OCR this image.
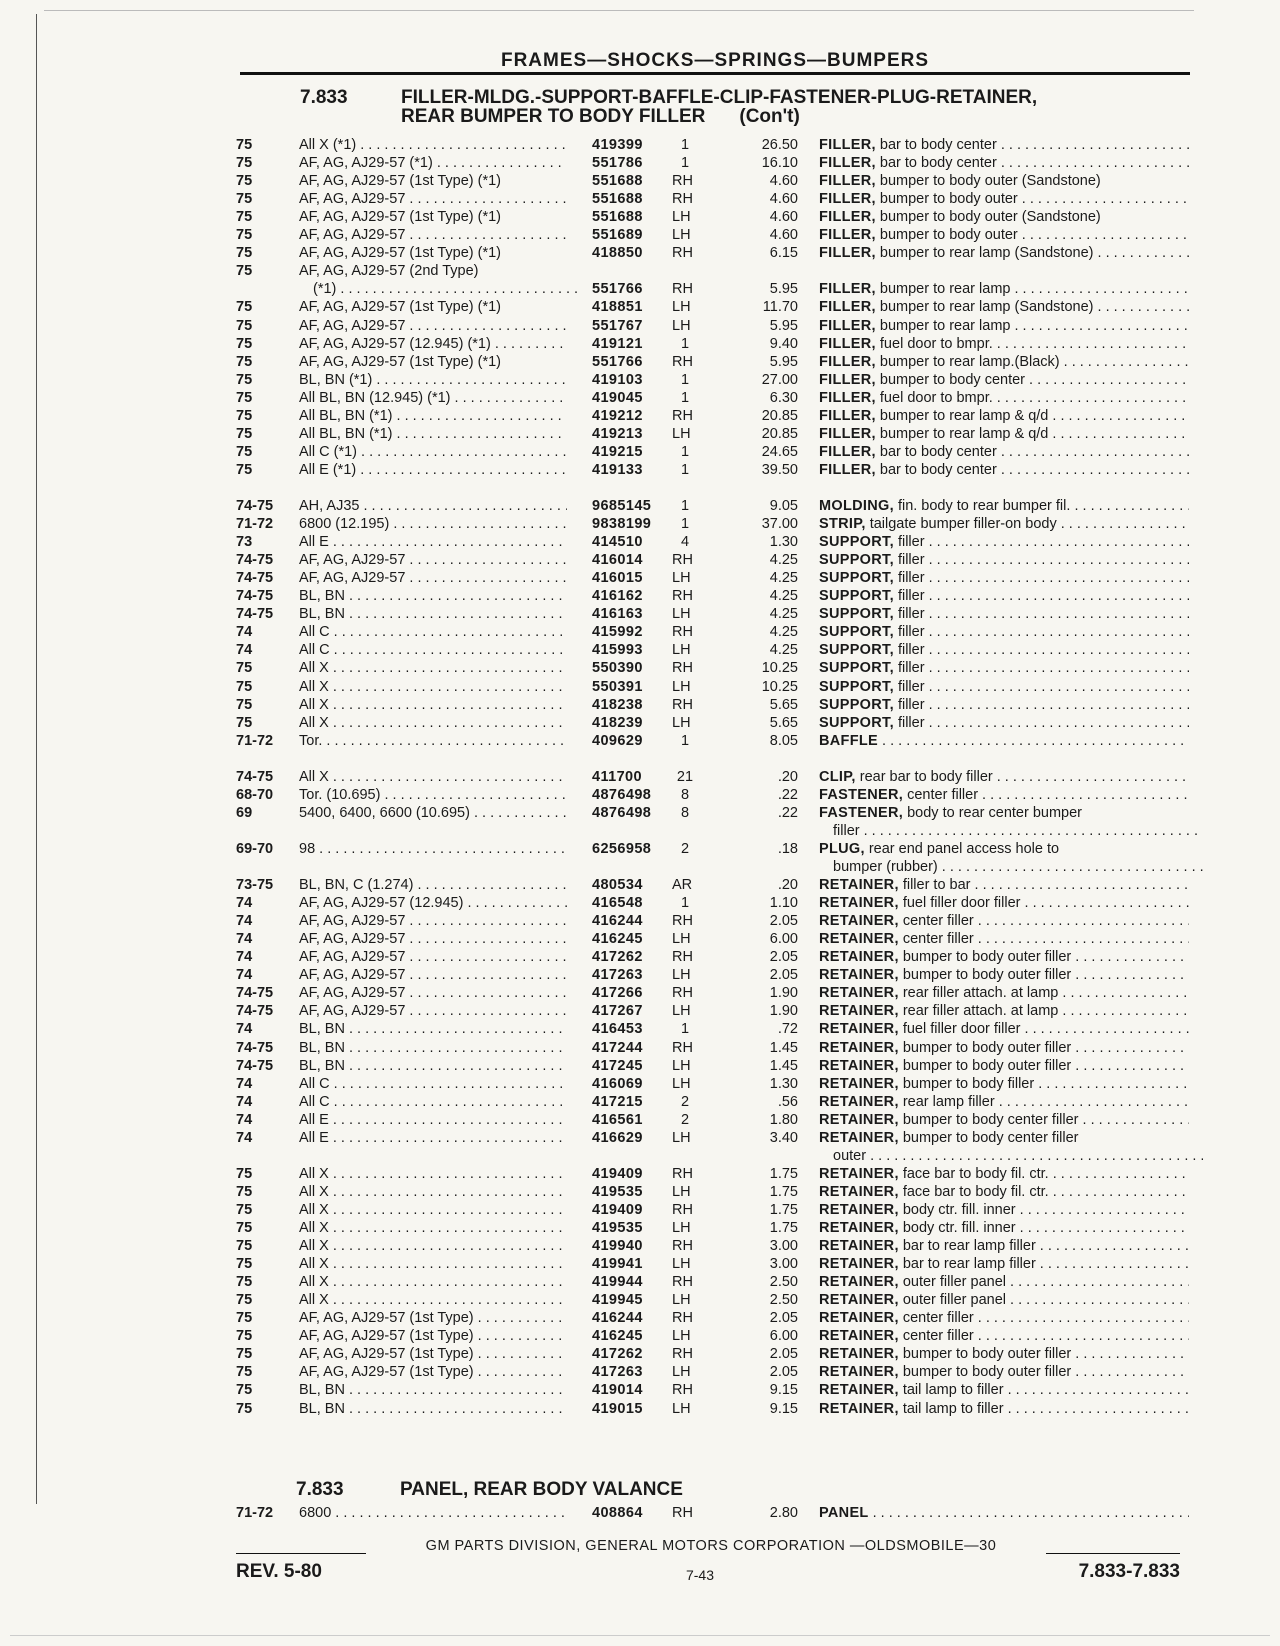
FRAMES—SHOCKS—SPRINGS—BUMPERS
7.833	FILLER-MLDG.-SUPPORT-BAFFLE-CLIP-FASTENER-PLUG-RETAINER,
REAR BUMPER TO BODY FILLER (Con't)
75	All X (*1) . . .	419399	1	26.50 FILLER, bar to body center . . .
75	AF, AG, AJ29-57 (*1) . . .	551786	1	16.10 FILLER, bar to body center . . .
75	AF, AG, AJ29-57 (1st Type) (*1)	551688	RH	4.60 FILLER, bumper to body outer (Sandstone)
75	AF, AG, AJ29-57 . . .	551688	RH	4.60 FILLER, bumper to body outer . . .
75	AF, AG, AJ29-57 (1st Type) (*1)	551688	LH	4.60 FILLER, bumper to body outer (Sandstone)
75	AF, AG, AJ29-57 . . .	551689	LH	4.60 FILLER, bumper to body outer . . .
75	AF, AG, AJ29-57 (1st Type) (*1)	418850	RH	6.15 FILLER, bumper to rear lamp (Sandstone) . . .
75	AF, AG, AJ29-57 (2nd Type)
(*1) . . .	551766	RH	5.95 FILLER, bumper to rear lamp . . .
75	AF, AG, AJ29-57 (1st Type) (*1)	418851	LH	11.70 FILLER, bumper to rear lamp (Sandstone) . . .
75	AF, AG, AJ29-57 . . .	551767	LH	5.95 FILLER, bumper to rear lamp . . .
75	AF, AG, AJ29-57 (12.945) (*1) . . .	419121	1	9.40 FILLER, fuel door to bmpr. . . .
75	AF, AG, AJ29-57 (1st Type) (*1)	551766	RH	5.95 FILLER, bumper to rear lamp.(Black) . . .
75	BL, BN (*1) . . .	419103	1	27.00 FILLER, bumper to body center . . .
75	All BL, BN (12.945) (*1) . . .	419045	1	6.30 FILLER, fuel door to bmpr. . . .
75	All BL, BN (*1) . . .	419212	RH	20.85 FILLER, bumper to rear lamp & q/d . . .
75	All BL, BN (*1) . . .	419213	LH	20.85 FILLER, bumper to rear lamp & q/d . . .
75	All C (*1) . . .	419215	1	24.65 FILLER, bar to body center . . .
75	All E (*1) . . .	419133	1	39.50 FILLER, bar to body center . . .
74-75	AH, AJ35 . . .	9685145	1	9.05 MOLDING, fin. body to rear bumper fil. . . .
71-72	6800 (12.195) . . .	9838199	1	37.00 STRIP, tailgate bumper filler-on body . . .
73	All E . . .	414510	4	1.30 SUPPORT, filler . . .
74-75	AF, AG, AJ29-57 . . .	416014	RH	4.25 SUPPORT, filler . . .
74-75	AF, AG, AJ29-57 . . .	416015	LH	4.25 SUPPORT, filler . . .
74-75	BL, BN . . .	416162	RH	4.25 SUPPORT, filler . . .
74-75	BL, BN . . .	416163	LH	4.25 SUPPORT, filler . . .
74	All C . . .	415992	RH	4.25 SUPPORT, filler . . .
74	All C . . .	415993	LH	4.25 SUPPORT, filler . . .
75	All X . . .	550390	RH	10.25 SUPPORT, filler . . .
75	All X . . .	550391	LH	10.25 SUPPORT, filler . . .
75	All X . . .	418238	RH	5.65 SUPPORT, filler . . .
75	All X . . .	418239	LH	5.65 SUPPORT, filler . . .
71-72	Tor. . . .	409629	1	8.05 BAFFLE . . .
74-75	All X . . .	411700	21	.20 CLIP, rear bar to body filler . . .
68-70	Tor. (10.695) . . .	4876498	8	.22 FASTENER, center filler . . .
69	5400, 6400, 6600 (10.695) . . .	4876498	8	.22 FASTENER, body to rear center bumper
filler . . .
69-70	98 . . .	6256958	2	.18 PLUG, rear end panel access hole to
bumper (rubber) . . .
73-75	BL, BN, C (1.274) . . .	480534	AR	.20 RETAINER, filler to bar . . .
74	AF, AG, AJ29-57 (12.945) . . .	416548	1	1.10 RETAINER, fuel filler door filler . . .
74	AF, AG, AJ29-57 . . .	416244	RH	2.05 RETAINER, center filler . . .
74	AF, AG, AJ29-57 . . .	416245	LH	6.00 RETAINER, center filler . . .
74	AF, AG, AJ29-57 . . .	417262	RH	2.05 RETAINER, bumper to body outer filler . . .
74	AF, AG, AJ29-57 . . .	417263	LH	2.05 RETAINER, bumper to body outer filler . . .
74-75	AF, AG, AJ29-57 . . .	417266	RH	1.90 RETAINER, rear filler attach. at lamp . . .
74-75	AF, AG, AJ29-57 . . .	417267	LH	1.90 RETAINER, rear filler attach. at lamp . . .
74	BL, BN . . .	416453	1	.72 RETAINER, fuel filler door filler . . .
74-75	BL, BN . . .	417244	RH	1.45 RETAINER, bumper to body outer filler . . .
74-75	BL, BN . . .	417245	LH	1.45 RETAINER, bumper to body outer filler . . .
74	All C . . .	416069	LH	1.30 RETAINER, bumper to body filler . . .
74	All C . . .	417215	2	.56 RETAINER, rear lamp filler . . .
74	All E . . .	416561	2	1.80 RETAINER, bumper to body center filler . . .
74	All E . . .	416629	LH	3.40 RETAINER, bumper to body center filler
outer . . .
75	All X . . .	419409	RH	1.75 RETAINER, face bar to body fil. ctr. . . .
75	All X . . .	419535	LH	1.75 RETAINER, face bar to body fil. ctr. . . .
75	All X . . .	419409	RH	1.75 RETAINER, body ctr. fill. inner . . .
75	All X . . .	419535	LH	1.75 RETAINER, body ctr. fill. inner . . .
75	All X . . .	419940	RH	3.00 RETAINER, bar to rear lamp filler . . .
75	All X . . .	419941	LH	3.00 RETAINER, bar to rear lamp filler . . .
75	All X . . .	419944	RH	2.50 RETAINER, outer filler panel . . .
75	All X . . .	419945	LH	2.50 RETAINER, outer filler panel . . .
75	AF, AG, AJ29-57 (1st Type) . . .	416244	RH	2.05 RETAINER, center filler . . .
75	AF, AG, AJ29-57 (1st Type) . . .	416245	LH	6.00 RETAINER, center filler . . .
75	AF, AG, AJ29-57 (1st Type) . . .	417262	RH	2.05 RETAINER, bumper to body outer filler . . .
75	AF, AG, AJ29-57 (1st Type) . . .	417263	LH	2.05 RETAINER, bumper to body outer filler . . .
75	BL, BN . . .	419014	RH	9.15 RETAINER, tail lamp to filler . . .
75	BL, BN . . .	419015	LH	9.15 RETAINER, tail lamp to filler . . .
7.833	PANEL, REAR BODY VALANCE
71-72	6800 . . .	408864	RH	2.80 PANEL . . .
GM PARTS DIVISION, GENERAL MOTORS CORPORATION —OLDSMOBILE—30
REV. 5-80	7-43	7.833-7.833
